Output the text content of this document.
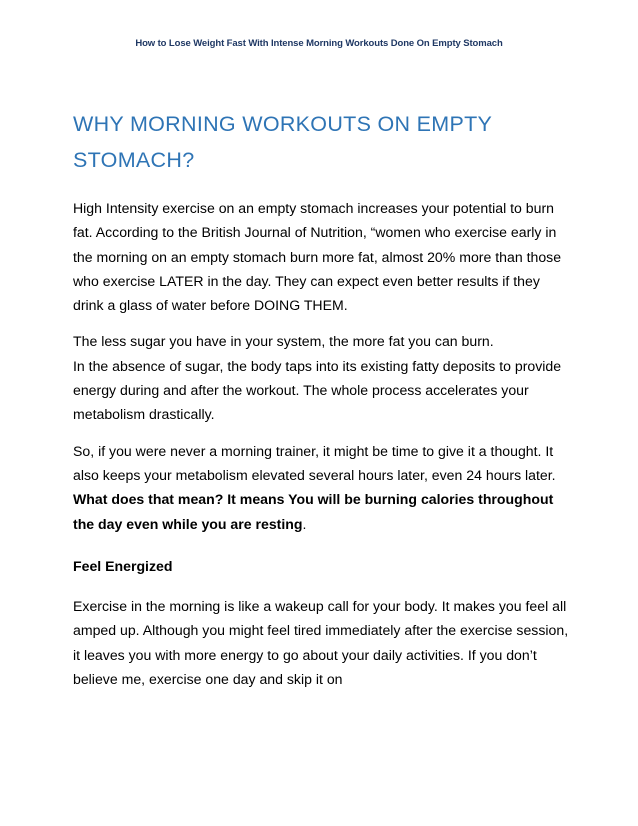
How to Lose Weight Fast With Intense Morning Workouts Done On Empty Stomach
WHY MORNING WORKOUTS ON EMPTY
STOMACH?

High Intensity exercise on an empty stomach increases your potential to burn fat. According to the British Journal of Nutrition, “women who exercise early in the morning on an empty stomach burn more fat, almost 20% more than those who exercise LATER in the day. They can expect even better results if they drink a glass of water before DOING THEM.

The less sugar you have in your system, the more fat you can burn.
In the absence of sugar, the body taps into its existing fatty deposits to provide energy during and after the workout. The whole process accelerates your metabolism drastically.

So, if you were never a morning trainer, it might be time to give it a thought. It also keeps your metabolism elevated several hours later, even 24 hours later.
What does that mean? It means You will be burning calories throughout the day even while you are resting.

Feel Energized

Exercise in the morning is like a wakeup call for your body. It makes you feel all amped up. Although you might feel tired immediately after the exercise session, it leaves you with more energy to go about your daily activities. If you don’t believe me, exercise one day and skip it on
